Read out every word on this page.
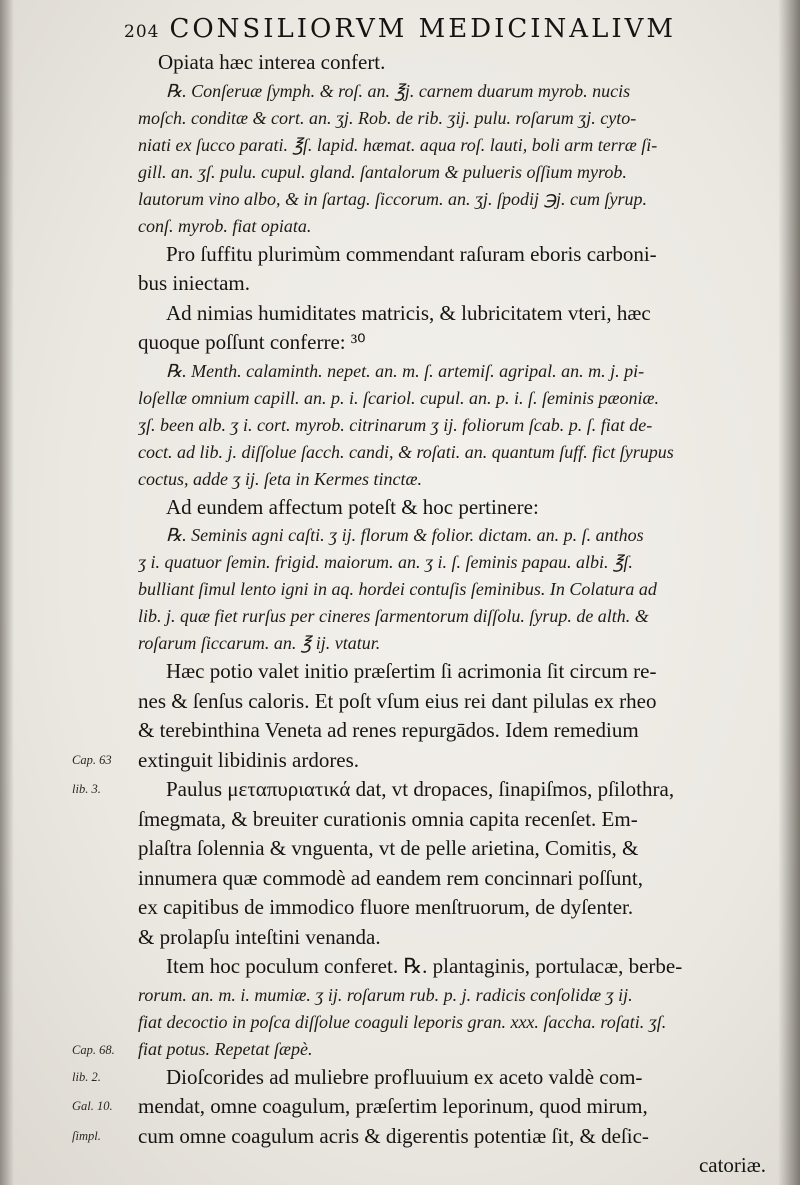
204 CONSILIORVM MEDICINALIVM
Opiata hæc interea confert.
℞. Conſeruæ ſymph. & roſ. an. ℥j. carnem duarum myrob. nucis
moſch. conditæ & cort. an. ʒj. Rob. de rib. ʒij. pulu. roſarum ʒj. cyto-
niati ex ſucco parati. ℥ſ. lapid. hæmat. aqua roſ. lauti, boli arm terræ ſi-
gill. an. ʒſ. pulu. cupul. gland. ſantalorum & pulueris oſſium myrob.
lautorum vino albo, & in ſartag. ſiccorum. an. ʒj. ſpodij ℈j. cum ſyrup.
conſ. myrob. fiat opiata.
Pro ſuffitu plurimùm commendant raſuram eboris carboni-
bus iniectam.
Ad nimias humiditates matricis, & lubricitatem vteri, hæc
quoque poſſunt conferre: ³⁰
℞. Menth. calaminth. nepet. an. m. ſ. artemiſ. agripal. an. m. j. pi-
loſellæ omnium capill. an. p. i. ſcariol. cupul. an. p. i. ſ. ſeminis pæoniæ.
ʒſ. been alb. ʒ i. cort. myrob. citrinarum ʒ ij. foliorum ſcab. p. ſ. fiat de-
coct. ad lib. j. diſſolue ſacch. candi, & roſati. an. quantum ſuff. fict ſyrupus
coctus, adde ʒ ij. ſeta in Kermes tinctæ.
Ad eundem affectum poteſt & hoc pertinere:
℞. Seminis agni caſti. ʒ ij. florum & folior. dictam. an. p. ſ. anthos
ʒ i. quatuor ſemin. frigid. maiorum. an. ʒ i. ſ. ſeminis papau. albi. ℥ſ.
bulliant ſimul lento igni in aq. hordei contuſis ſeminibus. In Colatura ad
lib. j. quæ fiet rurſus per cineres ſarmentorum diſſolu. ſyrup. de alth. &
roſarum ſiccarum. an. ℥ ij. vtatur.
Hæc potio valet initio præſertim ſi acrimonia ſit circum re-
nes & ſenſus caloris. Et poſt vſum eius rei dant pilulas ex rheo
& terebinthina Veneta ad renes repurgādos. Idem remedium
extinguit libidinis ardores.
Paulus μεταπυριατικά dat, vt dropaces, ſinapiſmos, pſilothra,
ſmegmata, & breuiter curationis omnia capita recenſet. Em-
plaſtra ſolennia & vnguenta, vt de pelle arietina, Comitis, &
innumera quæ commodè ad eandem rem concinnari poſſunt,
ex capitibus de immodico fluore menſtruorum, de dyſenter.
& prolapſu inteſtini venanda.
Item hoc poculum conferet. ℞. plantaginis, portulacæ, berbe-
rorum. an. m. i. mumiæ. ʒ ij. roſarum rub. p. j. radicis conſolidæ ʒ ij.
fiat decoctio in poſca diſſolue coaguli leporis gran. xxx. ſaccha. roſati. ʒſ.
fiat potus. Repetat ſæpè.
Dioſcorides ad muliebre profluuium ex aceto valdè com-
mendat, omne coagulum, præſertim leporinum, quod mirum,
cum omne coagulum acris & digerentis potentiæ ſit, & deſic-
catoriæ.
Cap. 63
lib. 3.
Cap. 68.
lib. 2.
Gal. 10.
ſimpl.
